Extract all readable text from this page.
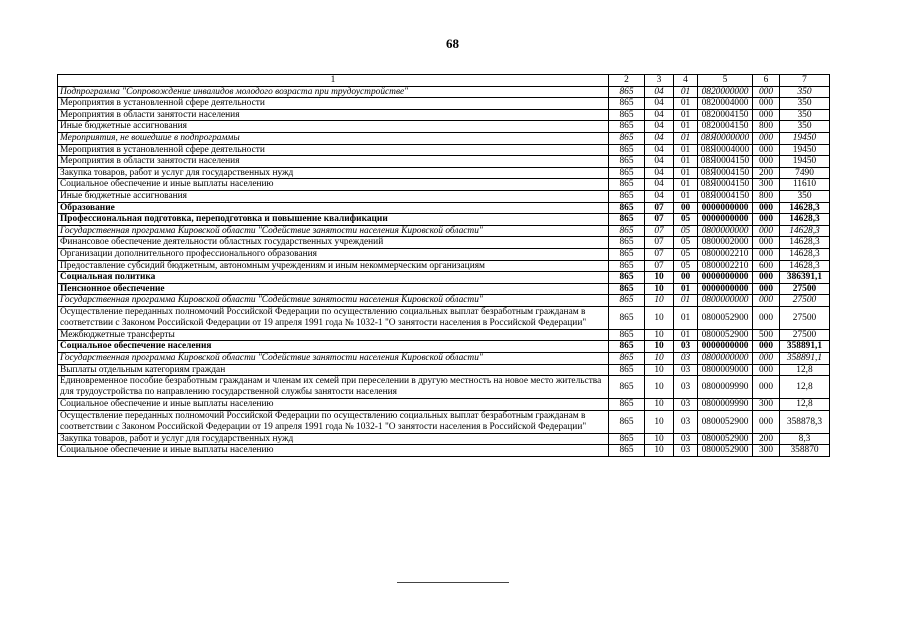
68
1	2	3	4	5	6	7
Подпрограмма "Сопровождение инвалидов молодого возраста при трудоустройстве"	865	04	01	0820000000	000	350
Мероприятия в установленной сфере деятельности	865	04	01	0820004000	000	350
Мероприятия в области занятости населения	865	04	01	0820004150	000	350
Иные бюджетные ассигнования	865	04	01	0820004150	800	350
Мероприятия, не вошедшие в подпрограммы	865	04	01	08Я0000000	000	19450
Мероприятия в установленной сфере деятельности	865	04	01	08Я0004000	000	19450
Мероприятия в области занятости населения	865	04	01	08Я0004150	000	19450
Закупка товаров, работ и услуг для государственных нужд	865	04	01	08Я0004150	200	7490
Социальное обеспечение и иные выплаты населению	865	04	01	08Я0004150	300	11610
Иные бюджетные ассигнования	865	04	01	08Я0004150	800	350
Образование	865	07	00	0000000000	000	14628,3
Профессиональная подготовка, переподготовка и повышение квалификации	865	07	05	0000000000	000	14628,3
Государственная программа Кировской области "Содействие занятости населения Кировской области"	865	07	05	0800000000	000	14628,3
Финансовое обеспечение деятельности областных государственных учреждений	865	07	05	0800002000	000	14628,3
Организации дополнительного профессионального образования	865	07	05	0800002210	000	14628,3
Предоставление субсидий бюджетным, автономным учреждениям и иным некоммерческим организациям	865	07	05	0800002210	600	14628,3
Социальная политика	865	10	00	0000000000	000	386391,1
Пенсионное обеспечение	865	10	01	0000000000	000	27500
Государственная программа Кировской области "Содействие занятости населения Кировской области"	865	10	01	0800000000	000	27500
Осуществление переданных полномочий Российской Федерации по осуществлению социальных выплат безработным гражданам в соответствии с Законом Российской Федерации от 19 апреля 1991 года № 1032-1 "О занятости населения в Российской Федерации"	865	10	01	0800052900	000	27500
Межбюджетные трансферты	865	10	01	0800052900	500	27500
Социальное обеспечение населения	865	10	03	0000000000	000	358891,1
Государственная программа Кировской области "Содействие занятости населения Кировской области"	865	10	03	0800000000	000	358891,1
Выплаты отдельным категориям граждан	865	10	03	0800009000	000	12,8
Единовременное пособие безработным гражданам и членам их семей при переселении в другую местность на новое место жительства для трудоустройства по направлению государственной службы занятости населения	865	10	03	0800009990	000	12,8
Социальное обеспечение и иные выплаты населению	865	10	03	0800009990	300	12,8
Осуществление переданных полномочий Российской Федерации по осуществлению социальных выплат безработным гражданам в соответствии с Законом Российской Федерации от 19 апреля 1991 года № 1032-1 "О занятости населения в Российской Федерации"	865	10	03	0800052900	000	358878,3
Закупка товаров, работ и услуг для государственных нужд	865	10	03	0800052900	200	8,3
Социальное обеспечение и иные выплаты населению	865	10	03	0800052900	300	358870
